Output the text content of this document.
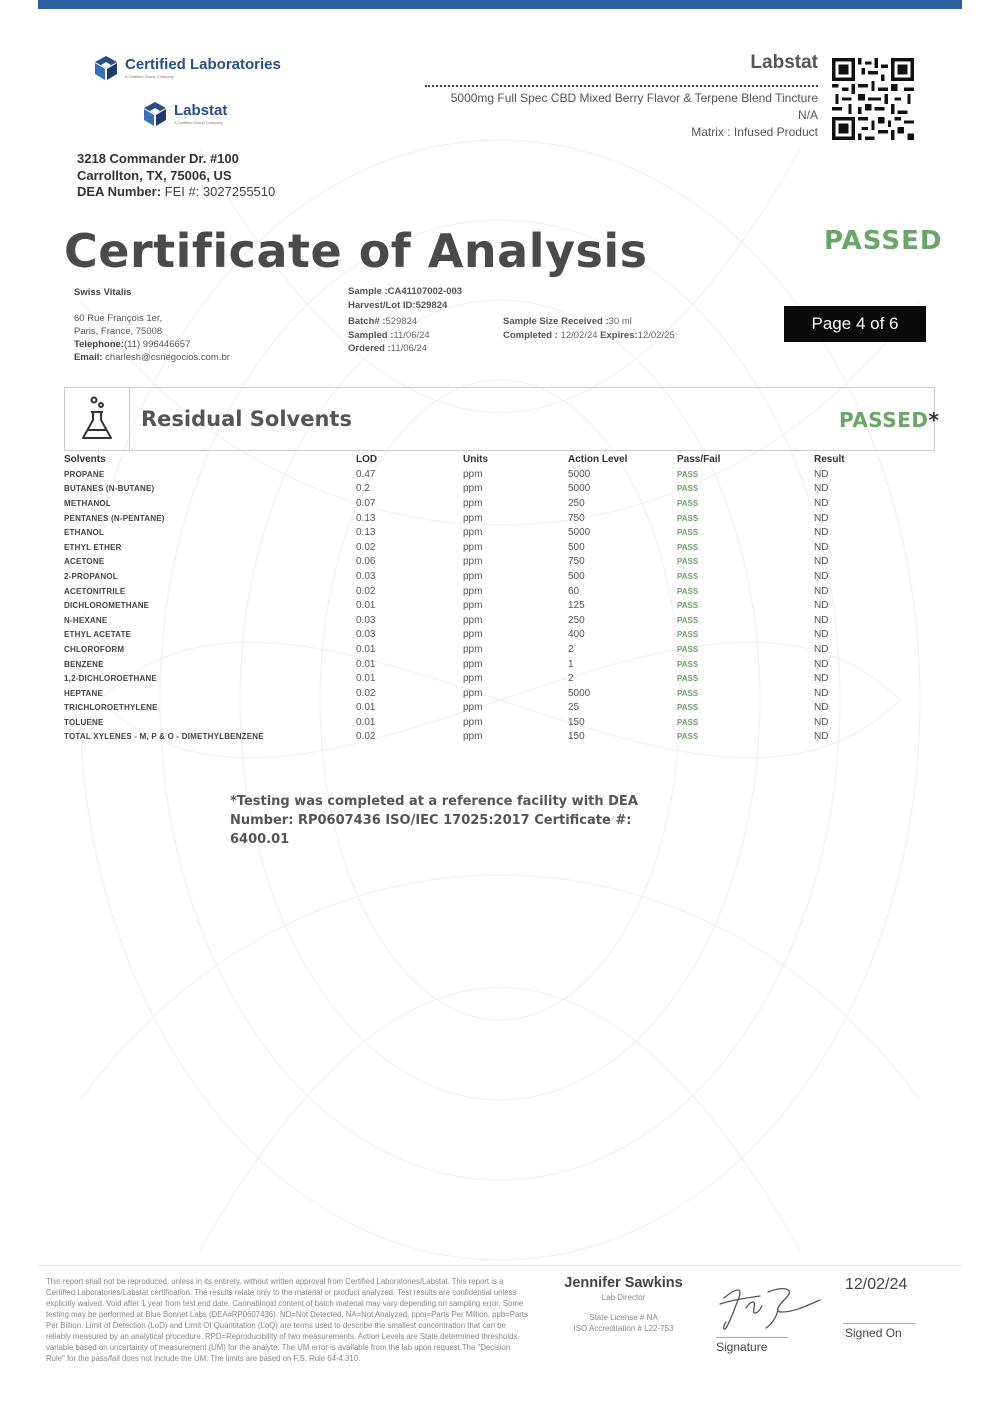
Certified Laboratories
A Certified Group Company
Labstat
A Certified Group Company
3218 Commander Dr. #100
Carrollton, TX, 75006, US
DEA Number: FEI #: 3027255510
Labstat
5000mg Full Spec CBD Mixed Berry Flavor & Terpene Blend Tincture
N/A
Matrix : Infused Product
Certificate of Analysis	PASSED
Swiss Vitalis
60 Rue François 1er,
Paris, France, 75008
Telephone:(11) 996446657
Email: charlesh@csnegocios.com.br
Sample :CA41107002-003
Harvest/Lot ID:529824
Batch# :529824
Sampled :11/06/24
Ordered :11/06/24
Sample Size Received :30 ml
Completed : 12/02/24 Expires:12/02/25
Page 4 of 6
Residual Solvents	PASSED*
Solvents	LOD	Units	Action Level	Pass/Fail	Result
PROPANE	0.47	ppm	5000	PASS	ND
BUTANES (N-BUTANE)	0.2	ppm	5000	PASS	ND
METHANOL	0.07	ppm	250	PASS	ND
PENTANES (N-PENTANE)	0.13	ppm	750	PASS	ND
ETHANOL	0.13	ppm	5000	PASS	ND
ETHYL ETHER	0.02	ppm	500	PASS	ND
ACETONE	0.06	ppm	750	PASS	ND
2-PROPANOL	0.03	ppm	500	PASS	ND
ACETONITRILE	0.02	ppm	60	PASS	ND
DICHLOROMETHANE	0.01	ppm	125	PASS	ND
N-HEXANE	0.03	ppm	250	PASS	ND
ETHYL ACETATE	0.03	ppm	400	PASS	ND
CHLOROFORM	0.01	ppm	2	PASS	ND
BENZENE	0.01	ppm	1	PASS	ND
1,2-DICHLOROETHANE	0.01	ppm	2	PASS	ND
HEPTANE	0.02	ppm	5000	PASS	ND
TRICHLOROETHYLENE	0.01	ppm	25	PASS	ND
TOLUENE	0.01	ppm	150	PASS	ND
TOTAL XYLENES - M, P & O - DIMETHYLBENZENE	0.02	ppm	150	PASS	ND
*Testing was completed at a reference facility with DEA Number: RP0607436 ISO/IEC 17025:2017 Certificate #: 6400.01
This report shall not be reproduced, unless in its entirety, without written approval from Certified Laboratories/Labstat. This report is a Certified Laboratories/Labstat certification. The results relate only to the material or product analyzed. Test results are confidential unless explicitly waived. Void after 1 year from test end date. Cannabinoid content of batch material may vary depending on sampling error. Some testing may be performed at Blue Bonnet Labs (DEA#RP0607436). ND=Not Detected, NA=Not Analyzed, ppm=Parts Per Million, ppb=Parts Per Billion. Limit of Detection (LoD) and Limit Of Quantitation (LoQ) are terms used to describe the smallest concentration that can be reliably measured by an analytical procedure. RPD=Reproducibility of two measurements. Action Levels are State determined thresholds variable based on uncertainty of measurement (UM) for the analyte. The UM error is available from the lab upon request.The "Decision Rule" for the pass/fail does not include the UM. The limits are based on F.S. Rule 64-4.310.
Jennifer Sawkins
Lab Director
State License # NA
ISO Accreditation # L22-753
Signature
12/02/24
Signed On
